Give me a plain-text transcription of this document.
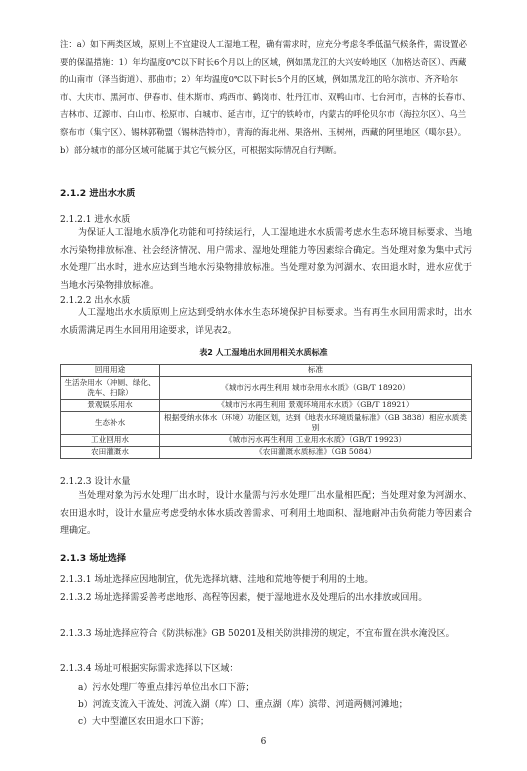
注：a）如下两类区域，原则上不宜建设人工湿地工程，确有需求时，应充分考虑冬季低温气候条件，需设置必要的保温措施：1）年均温度0℃以下时长6个月以上的区域，例如黑龙江的大兴安岭地区（加格达奇区）、西藏的山南市（泽当街道）、那曲市；2）年均温度0℃以下时长5个月的区域，例如黑龙江的哈尔滨市、齐齐哈尔市、大庆市、黑河市、伊春市、佳木斯市、鸡西市、鹤岗市、牡丹江市、双鸭山市、七台河市，吉林的长春市、吉林市、辽源市、白山市、松原市、白城市、延吉市，辽宁的铁岭市，内蒙古的呼伦贝尔市（海拉尔区）、乌兰察布市（集宁区）、锡林郭勒盟（锡林浩特市），青海的海北州、果洛州、玉树州，西藏的阿里地区（噶尔县）。b）部分城市的部分区域可能属于其它气候分区，可根据实际情况自行判断。
2.1.2 进出水水质
2.1.2.1 进水水质
为保证人工湿地水质净化功能和可持续运行，人工湿地进水水质需考虑水生态环境目标要求、当地水污染物排放标准、社会经济情况、用户需求、湿地处理能力等因素综合确定。当处理对象为集中式污水处理厂出水时，进水应达到当地水污染物排放标准。当处理对象为河湖水、农田退水时，进水应优于当地水污染物排放标准。
2.1.2.2 出水水质
人工湿地出水水质原则上应达到受纳水体水生态环境保护目标要求。当有再生水回用需求时，出水水质需满足再生水回用用途要求，详见表2。
表2 人工湿地出水回用相关水质标准
回用用途	标准
生活杂用水（冲厕、绿化、洗车、扫除）	《城市污水再生利用 城市杂用水水质》（GB/T 18920）
景观娱乐用水	《城市污水再生利用 景观环境用水水质》（GB/T 18921）
生态补水	根据受纳水体水（环境）功能区划，达到《地表水环境质量标准》（GB 3838）相应水质类别
工业回用水	《城市污水再生利用 工业用水水质》（GB/T 19923）
农田灌溉水	《农田灌溉水质标准》（GB 5084）
2.1.2.3 设计水量
当处理对象为污水处理厂出水时，设计水量需与污水处理厂出水量相匹配；当处理对象为河湖水、农田退水时，设计水量应考虑受纳水体水质改善需求、可利用土地面积、湿地耐冲击负荷能力等因素合理确定。
2.1.3 场址选择
2.1.3.1 场址选择应因地制宜，优先选择坑塘、洼地和荒地等便于利用的土地。
2.1.3.2 场址选择需妥善考虑地形、高程等因素，便于湿地进水及处理后的出水排放或回用。
2.1.3.3 场址选择应符合《防洪标准》GB 50201及相关防洪排涝的规定，不宜布置在洪水淹没区。
2.1.3.4 场址可根据实际需求选择以下区域：
a）污水处理厂等重点排污单位出水口下游；
b）河流支流入干流处、河流入湖（库）口、重点湖（库）滨带、河道两侧河滩地；
c）大中型灌区农田退水口下游；
6
